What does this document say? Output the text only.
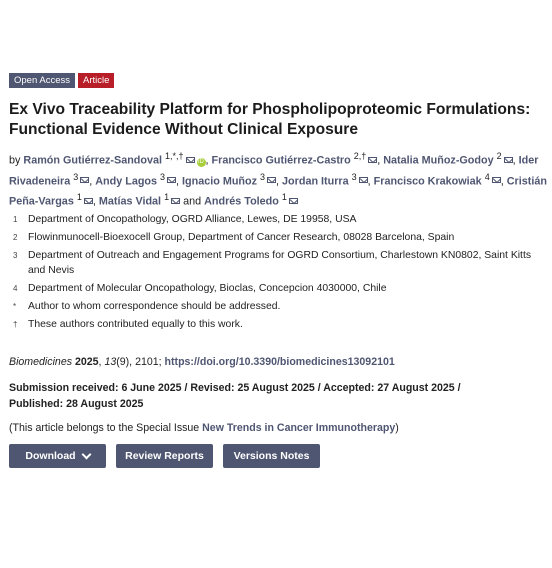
Open Access	Article
Ex Vivo Traceability Platform for Phospholipoproteomic Formulations: Functional Evidence Without Clinical Exposure
by Ramón Gutiérrez-Sandoval $^{1,*,\dagger}$iD , Francisco Gutiérrez-Castro $^{2,\dagger}$ , Natalia Muñoz-Godoy $^2$ , Ider Rivadeneira $^3$ , Andy Lagos $^3$ , Ignacio Muñoz $^3$ , Jordan Iturra $^3$ , Francisco Krakowiak $^4$ , Cristián Peña-Vargas $^1$ , Matías Vidal $^1$ and Andrés Toledo $^1$
1	Department of Oncopathology, OGRD Alliance, Lewes, DE 19958, USA
2	Flowinmunocell-Bioexocell Group, Department of Cancer Research, 08028 Barcelona, Spain
3	Department of Outreach and Engagement Programs for OGRD Consortium, Charlestown KN0802, Saint Kitts and Nevis
4	Department of Molecular Oncopathology, Bioclas, Concepcion 4030000, Chile
*	Author to whom correspondence should be addressed.
†	These authors contributed equally to this work.
Biomedicines 2025, 13(9), 2101; https://doi.org/10.3390/biomedicines13092101
Submission received: 6 June 2025 / Revised: 25 August 2025 / Accepted: 27 August 2025 / Published: 28 August 2025
(This article belongs to the Special Issue New Trends in Cancer Immunotherapy)
Download	Review Reports	Versions Notes
